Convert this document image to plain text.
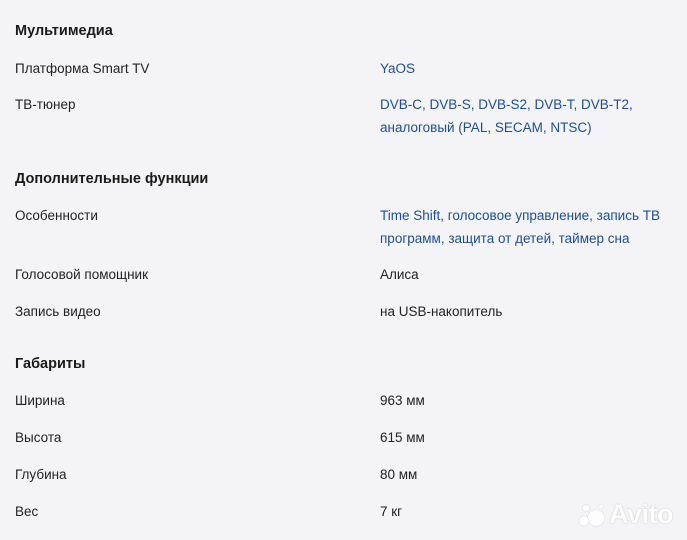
Мультимедиа
Платформа Smart TV	YaOS
ТВ-тюнер	DVB-C, DVB-S, DVB-S2, DVB-T, DVB-T2, аналоговый (PAL, SECAM, NTSC)
Дополнительные функции
Особенности	Time Shift, голосовое управление, запись ТВ программ, защита от детей, таймер сна
Голосовой помощник	Алиса
Запись видео	на USB-накопитель
Габариты
Ширина	963 мм
Высота	615 мм
Глубина	80 мм
Вес	7 кг	Avito
